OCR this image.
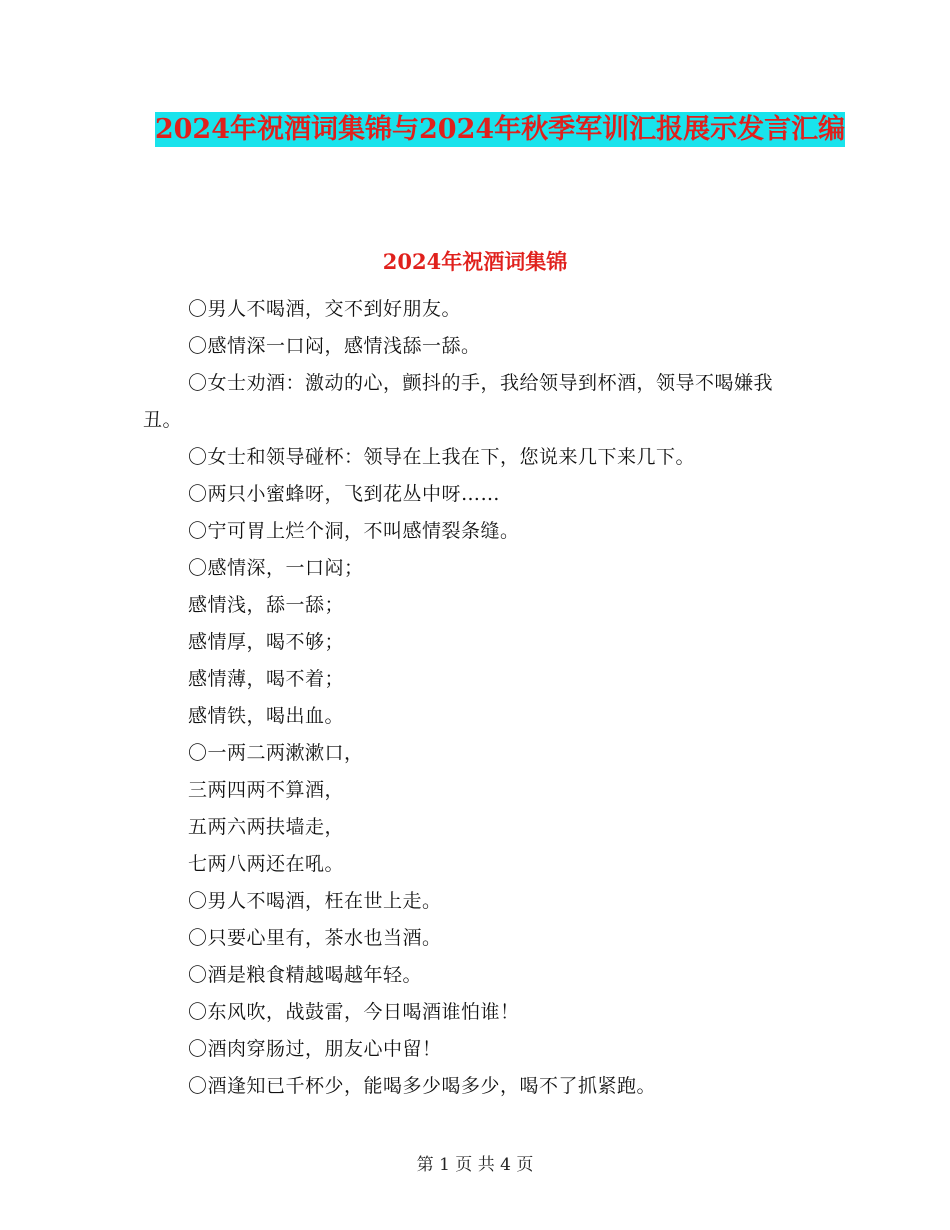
2024年祝酒词集锦与2024年秋季军训汇报展示发言汇编
2024年祝酒词集锦

〇男人不喝酒，交不到好朋友。

〇感情深一口闷，感情浅舔一舔。

〇女士劝酒：激动的心，颤抖的手，我给领导到杯酒，领导不喝嫌我丑。

〇女士和领导碰杯：领导在上我在下，您说来几下来几下。

〇两只小蜜蜂呀，飞到花丛中呀……

〇宁可胃上烂个洞，不叫感情裂条缝。

〇感情深，一口闷；

感情浅，舔一舔；

感情厚，喝不够；

感情薄，喝不着；

感情铁，喝出血。

〇一两二两漱漱口，

三两四两不算酒，

五两六两扶墙走，

七两八两还在吼。

〇男人不喝酒，枉在世上走。

〇只要心里有，茶水也当酒。

〇酒是粮食精越喝越年轻。

〇东风吹，战鼓雷，今日喝酒谁怕谁！

〇酒肉穿肠过，朋友心中留！

〇酒逢知已千杯少，能喝多少喝多少，喝不了抓紧跑。

第 1 页 共 4 页
